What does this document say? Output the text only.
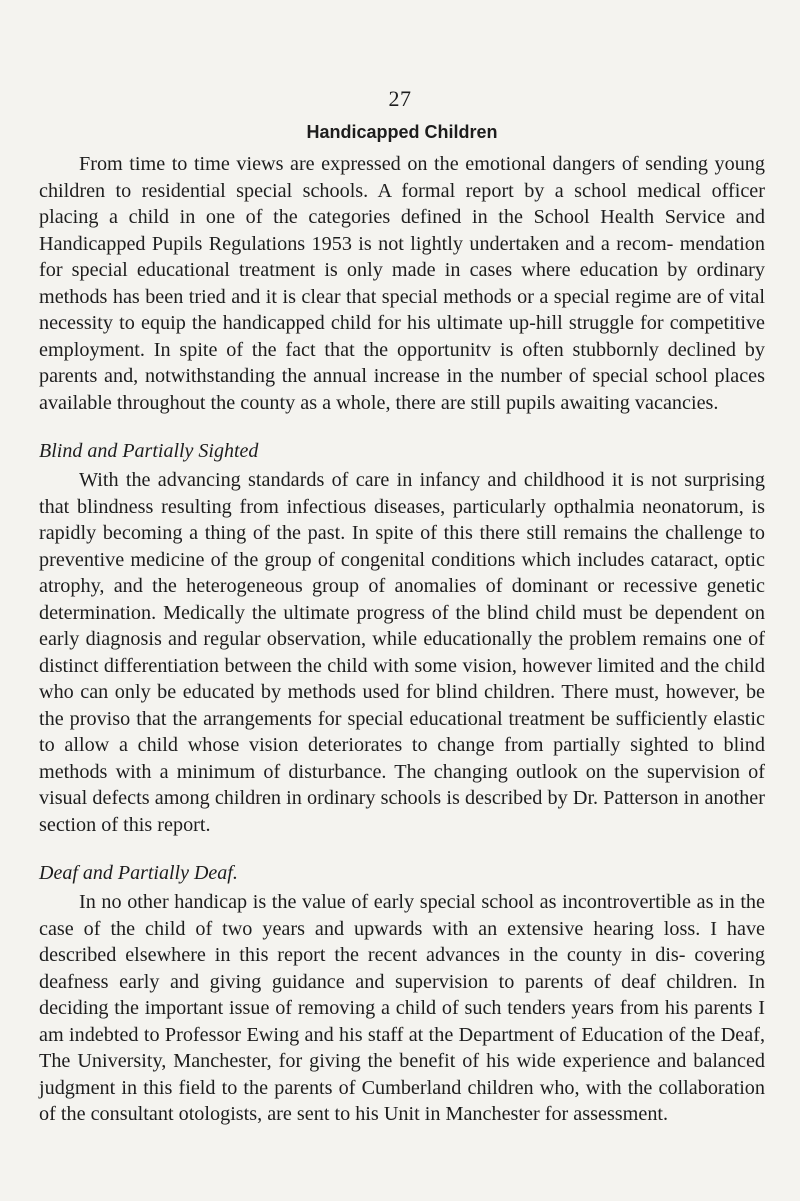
27
Handicapped Children

From time to time views are expressed on the emotional dangers of sending young children to residential special schools. A formal report by a school medical officer placing a child in one of the categories defined in the School Health Service and Handicapped Pupils Regulations 1953 is not lightly undertaken and a recom- mendation for special educational treatment is only made in cases where education by ordinary methods has been tried and it is clear that special methods or a special regime are of vital necessity to equip the handicapped child for his ultimate up-hill struggle for competitive employment. In spite of the fact that the opportunitv is often stubbornly declined by parents and, notwithstanding the annual increase in the number of special school places available throughout the county as a whole, there are still pupils awaiting vacancies.

Blind and Partially Sighted

With the advancing standards of care in infancy and childhood it is not surprising that blindness resulting from infectious diseases, particularly opthalmia neonatorum, is rapidly becoming a thing of the past. In spite of this there still remains the challenge to preventive medicine of the group of congenital conditions which includes cataract, optic atrophy, and the heterogeneous group of anomalies of dominant or recessive genetic determination. Medically the ultimate progress of the blind child must be dependent on early diagnosis and regular observation, while educationally the problem remains one of distinct differentiation between the child with some vision, however limited and the child who can only be educated by methods used for blind children. There must, however, be the proviso that the arrangements for special educational treatment be sufficiently elastic to allow a child whose vision deteriorates to change from partially sighted to blind methods with a minimum of disturbance. The changing outlook on the supervision of visual defects among children in ordinary schools is described by Dr. Patterson in another section of this report.

Deaf and Partially Deaf.

In no other handicap is the value of early special school as incontrovertible as in the case of the child of two years and upwards with an extensive hearing loss. I have described elsewhere in this report the recent advances in the county in dis- covering deafness early and giving guidance and supervision to parents of deaf children. In deciding the important issue of removing a child of such tenders years from his parents I am indebted to Professor Ewing and his staff at the Department of Education of the Deaf, The University, Manchester, for giving the benefit of his wide experience and balanced judgment in this field to the parents of Cumberland children who, with the collaboration of the consultant otologists, are sent to his Unit in Manchester for assessment.
